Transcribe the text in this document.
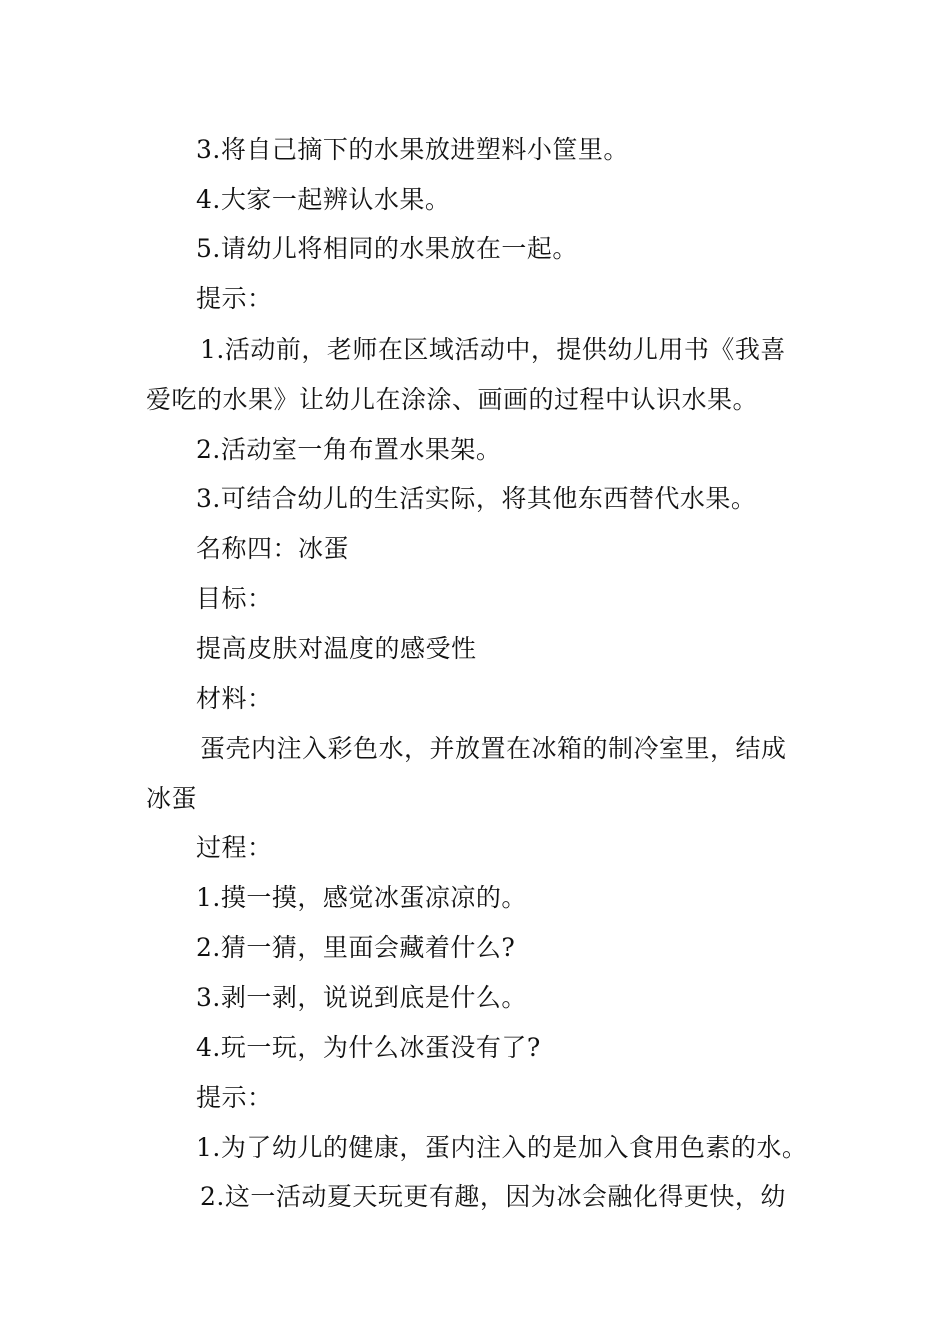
3.将自己摘下的水果放进塑料小筐里。
4.大家一起辨认水果。
5.请幼儿将相同的水果放在一起。
提示：
1.活动前，老师在区域活动中，提供幼儿用书《我喜
爱吃的水果》让幼儿在涂涂、画画的过程中认识水果。
2.活动室一角布置水果架。
3.可结合幼儿的生活实际，将其他东西替代水果。
名称四：冰蛋
目标：
提高皮肤对温度的感受性
材料：
蛋壳内注入彩色水，并放置在冰箱的制冷室里，结成
冰蛋
过程：
1.摸一摸，感觉冰蛋凉凉的。
2.猜一猜，里面会藏着什么?
3.剥一剥，说说到底是什么。
4.玩一玩，为什么冰蛋没有了?
提示：
1.为了幼儿的健康，蛋内注入的是加入食用色素的水。
2.这一活动夏天玩更有趣，因为冰会融化得更快，幼
